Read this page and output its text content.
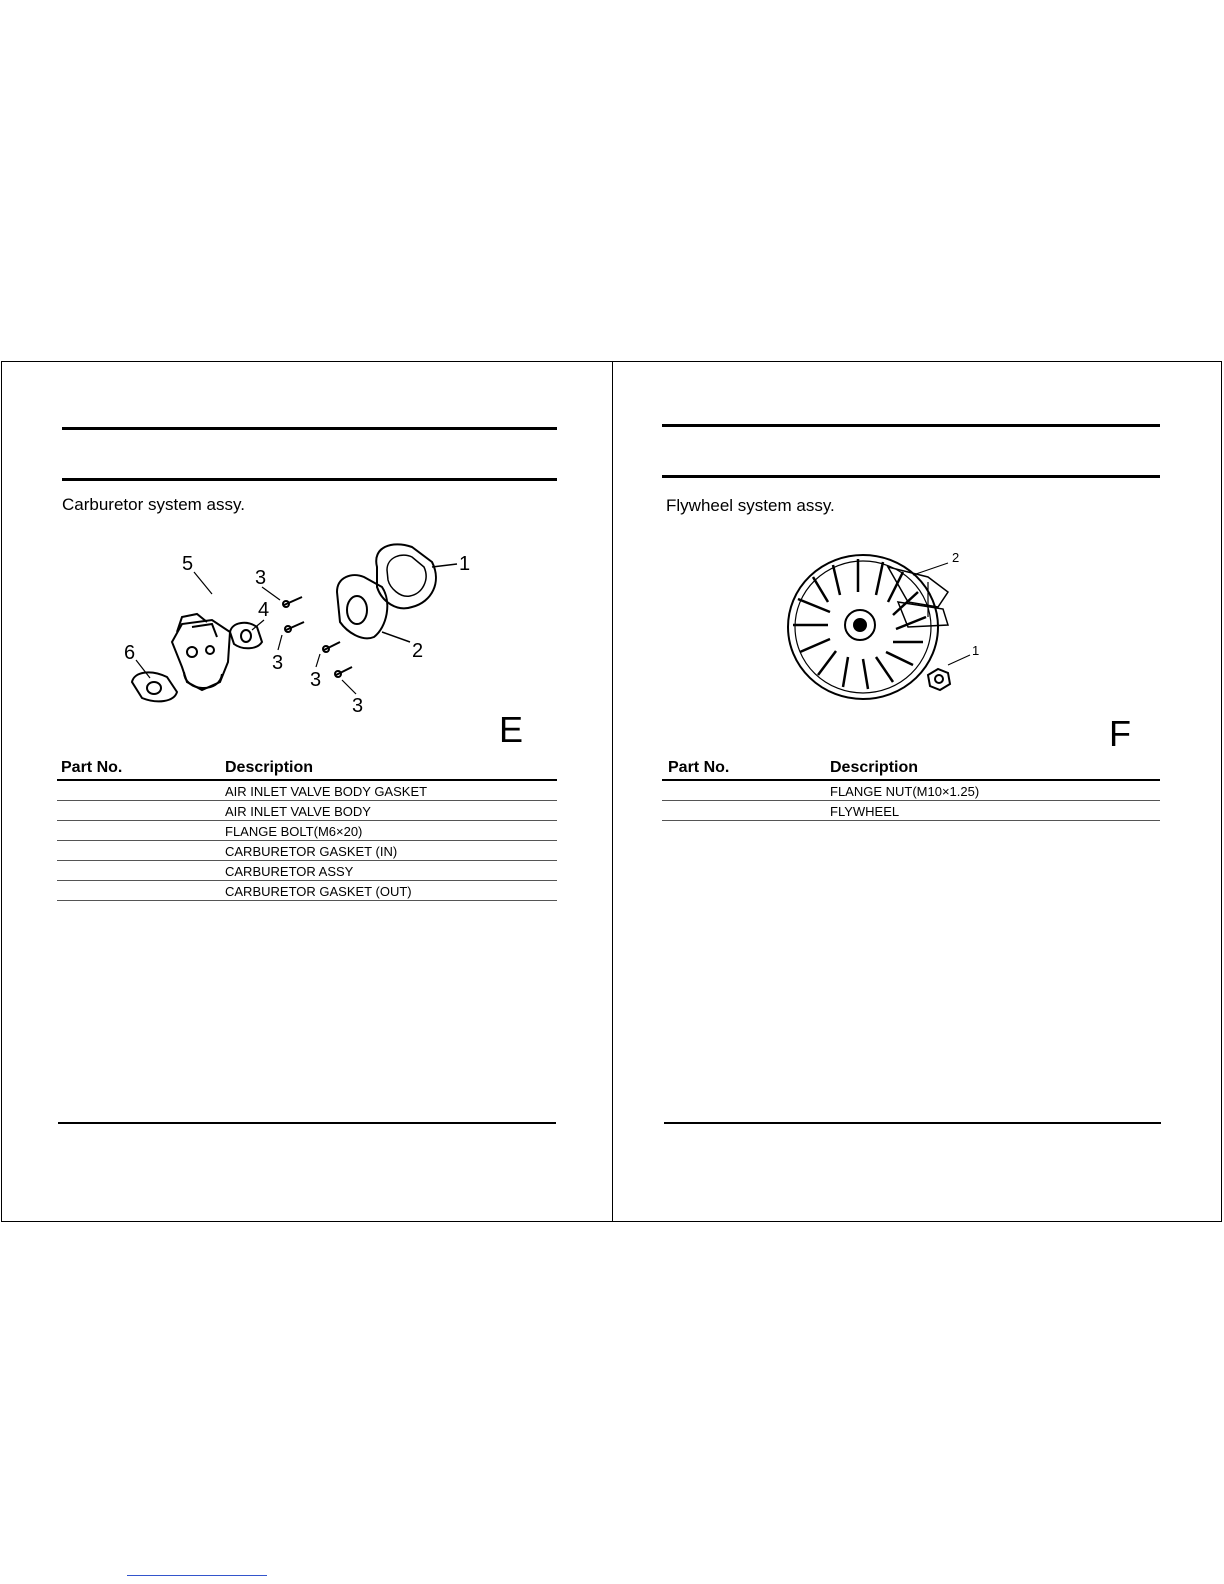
Carburetor system assy.
1
2
3
3
3
3
4
5
6
E
Part No.	Description
AIR INLET VALVE BODY GASKET
AIR INLET VALVE BODY
FLANGE BOLT(M6×20)
CARBURETOR GASKET (IN)
CARBURETOR ASSY
CARBURETOR GASKET (OUT)
Flywheel system assy.
2
1
F
Part No.	Description
FLANGE NUT(M10×1.25)
FLYWHEEL
